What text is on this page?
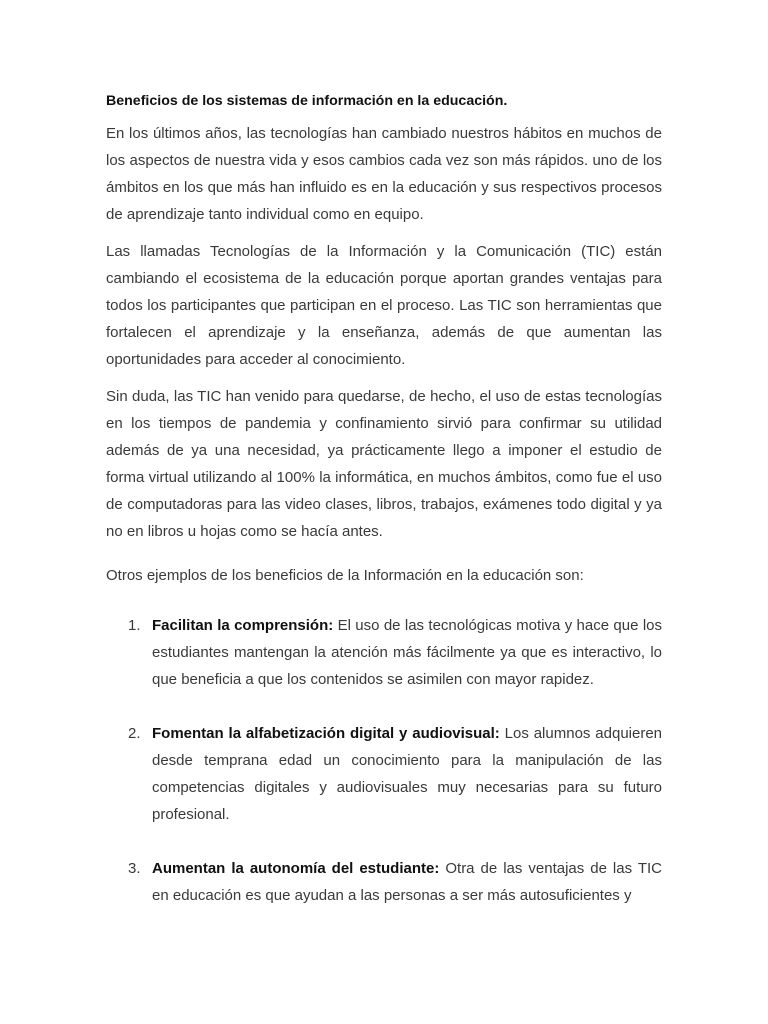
Beneficios de los sistemas de información en la educación.

En los últimos años, las tecnologías han cambiado nuestros hábitos en muchos de los aspectos de nuestra vida y esos cambios cada vez son más rápidos. uno de los ámbitos en los que más han influido es en la educación y sus respectivos procesos de aprendizaje tanto individual como en equipo.

Las llamadas Tecnologías de la Información y la Comunicación (TIC) están cambiando el ecosistema de la educación porque aportan grandes ventajas para todos los participantes que participan en el proceso. Las TIC son herramientas que fortalecen el aprendizaje y la enseñanza, además de que aumentan las oportunidades para acceder al conocimiento.

Sin duda, las TIC han venido para quedarse, de hecho, el uso de estas tecnologías en los tiempos de pandemia y confinamiento sirvió para confirmar su utilidad además de ya una necesidad, ya prácticamente llego a imponer el estudio de forma virtual utilizando al 100% la informática, en muchos ámbitos, como fue el uso de computadoras para las video clases, libros, trabajos, exámenes todo digital y ya no en libros u hojas como se hacía antes.

Otros ejemplos de los beneficios de la Información en la educación son:

1. Facilitan la comprensión: El uso de las tecnológicas motiva y hace que los estudiantes mantengan la atención más fácilmente ya que es interactivo, lo que beneficia a que los contenidos se asimilen con mayor rapidez.
2. Fomentan la alfabetización digital y audiovisual: Los alumnos adquieren desde temprana edad un conocimiento para la manipulación de las competencias digitales y audiovisuales muy necesarias para su futuro profesional.
3. Aumentan la autonomía del estudiante: Otra de las ventajas de las TIC en educación es que ayudan a las personas a ser más autosuficientes y
